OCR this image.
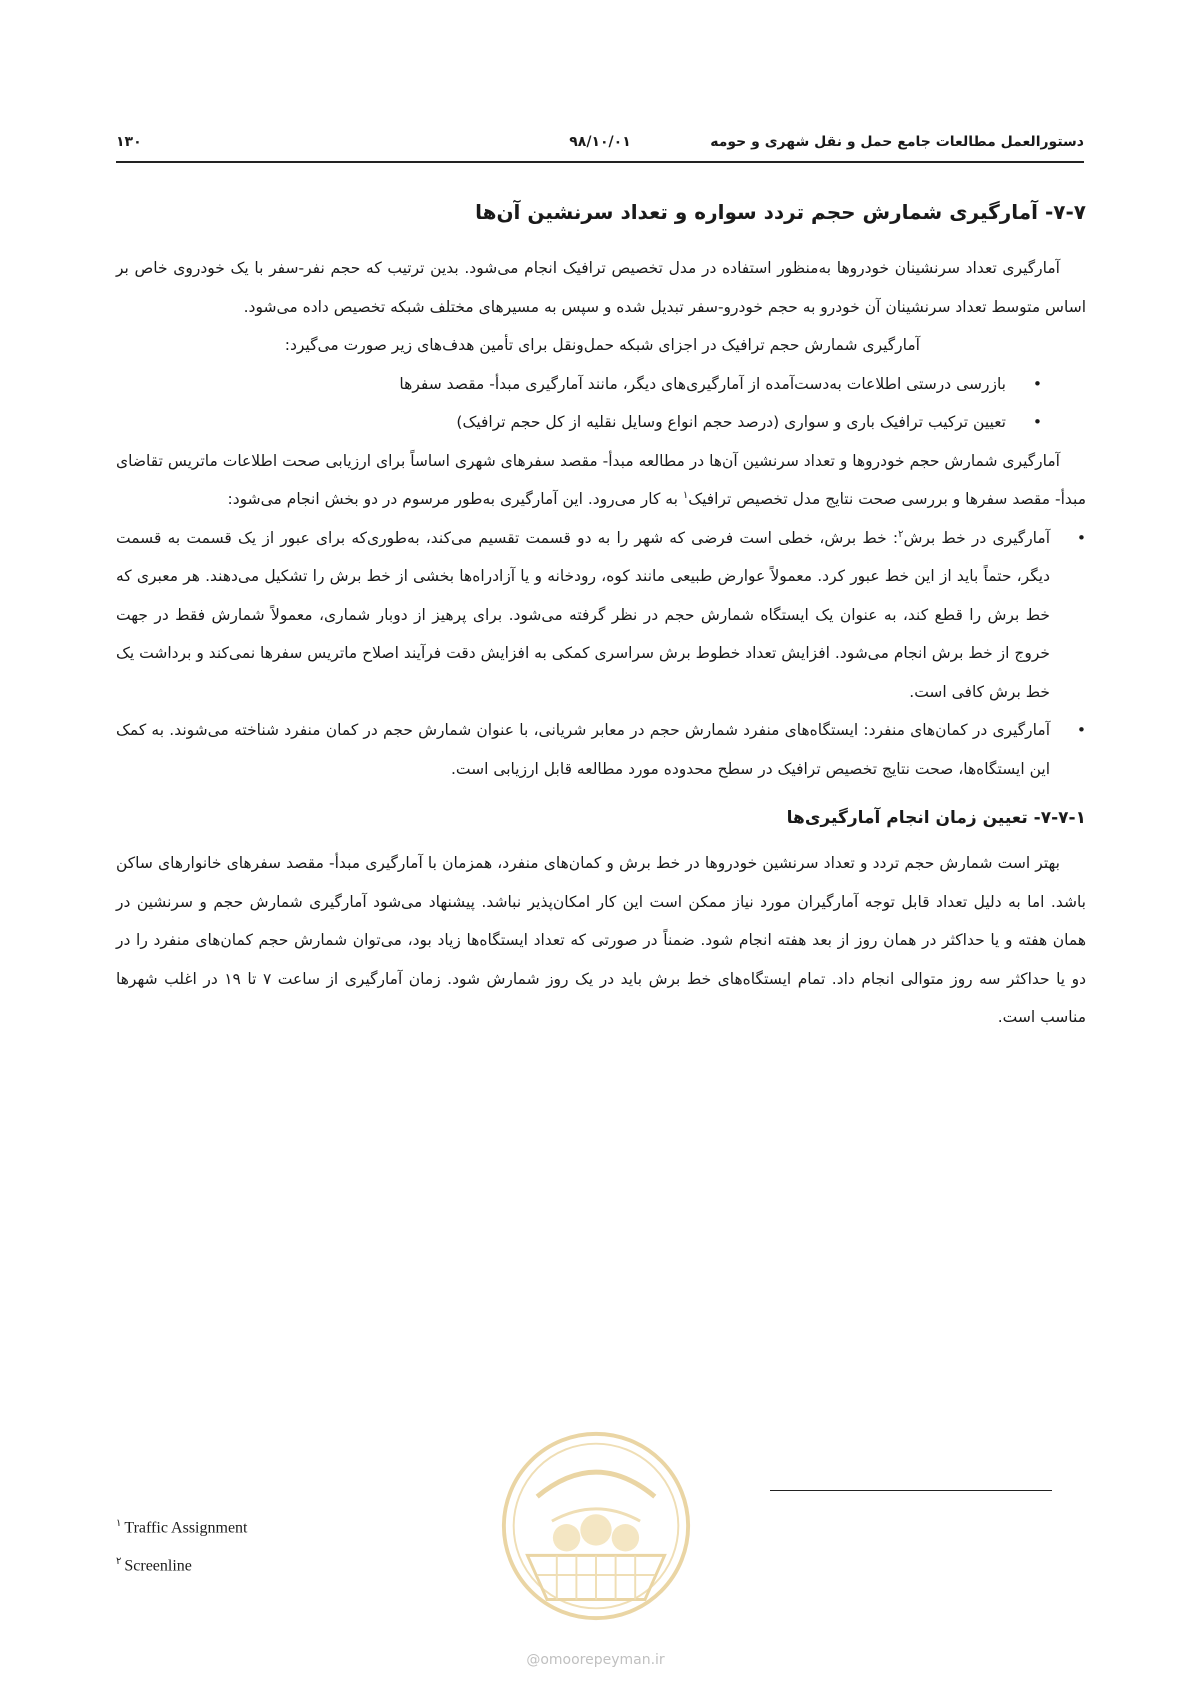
دستورالعمل مطالعات جامع حمل و نقل شهری و حومه
۹۸/۱۰/۰۱
۱۳۰
۷-۷- آمارگیری شمارش حجم تردد سواره و تعداد سرنشین آن‌ها

آمارگیری تعداد سرنشینان خودروها به‌منظور استفاده در مدل تخصیص ترافیک انجام می‌شود. بدین ترتیب که حجم نفر-سفر با یک خودروی خاص بر اساس متوسط تعداد سرنشینان آن خودرو به حجم خودرو-سفر تبدیل شده و سپس به مسیرهای مختلف شبکه تخصیص داده می‌شود.

آمارگیری شمارش حجم ترافیک در اجزای شبکه حمل‌ونقل برای تأمین هدف‌های زیر صورت می‌گیرد:

•
بازرسی درستی اطلاعات به‌دست‌آمده از آمارگیری‌های دیگر، مانند آمارگیری مبدأ- مقصد سفرها
•
تعیین ترکیب ترافیک باری و سواری (درصد حجم انواع وسایل نقلیه از کل حجم ترافیک)

آمارگیری شمارش حجم خودروها و تعداد سرنشین آن‌ها در مطالعه مبدأ- مقصد سفرهای شهری اساساً برای ارزیابی صحت اطلاعات ماتریس تقاضای مبدأ- مقصد سفرها و بررسی صحت نتایج مدل تخصیص ترافیک$^۱$ به کار می‌رود. این آمارگیری به‌طور مرسوم در دو بخش انجام می‌شود:

•
آمارگیری در خط برش$^۲$: خط برش، خطی است فرضی که شهر را به دو قسمت تقسیم می‌کند، به‌طوری‌که برای عبور از یک قسمت به قسمت دیگر، حتماً باید از این خط عبور کرد. معمولاً عوارض طبیعی مانند کوه، رودخانه و یا آزادراه‌ها بخشی از خط برش را تشکیل می‌دهند. هر معبری که خط برش را قطع کند، به عنوان یک ایستگاه شمارش حجم در نظر گرفته می‌شود. برای پرهیز از دوبار شماری، معمولاً شمارش فقط در جهت خروج از خط برش انجام می‌شود. افزایش تعداد خطوط برش سراسری کمکی به افزایش دقت فرآیند اصلاح ماتریس سفرها نمی‌کند و برداشت یک خط برش کافی است.
•
آمارگیری در کمان‌های منفرد: ایستگاه‌های منفرد شمارش حجم در معابر شریانی، با عنوان شمارش حجم در کمان منفرد شناخته می‌شوند. به کمک این ایستگاه‌ها، صحت نتایج تخصیص ترافیک در سطح محدوده مورد مطالعه قابل ارزیابی است.
۷-۷-۱- تعیین زمان انجام آمارگیری‌ها

بهتر است شمارش حجم تردد و تعداد سرنشین خودروها در خط برش و کمان‌های منفرد، همزمان با آمارگیری مبدأ- مقصد سفرهای خانوارهای ساکن باشد. اما به دلیل تعداد قابل توجه آمارگیران مورد نیاز ممکن است این کار امکان‌پذیر نباشد. پیشنهاد می‌شود آمارگیری شمارش حجم و سرنشین در همان هفته و یا حداکثر در همان روز از بعد هفته انجام شود. ضمناً در صورتی که تعداد ایستگاه‌ها زیاد بود، می‌توان شمارش حجم کمان‌های منفرد را در دو یا حداکثر سه روز متوالی انجام داد. تمام ایستگاه‌های خط برش باید در یک روز شمارش شود. زمان آمارگیری از ساعت ۷ تا ۱۹ در اغلب شهرها مناسب است.

$^۱$ Traffic Assignment
$^۲$ Screenline
@omoorepeyman.ir
